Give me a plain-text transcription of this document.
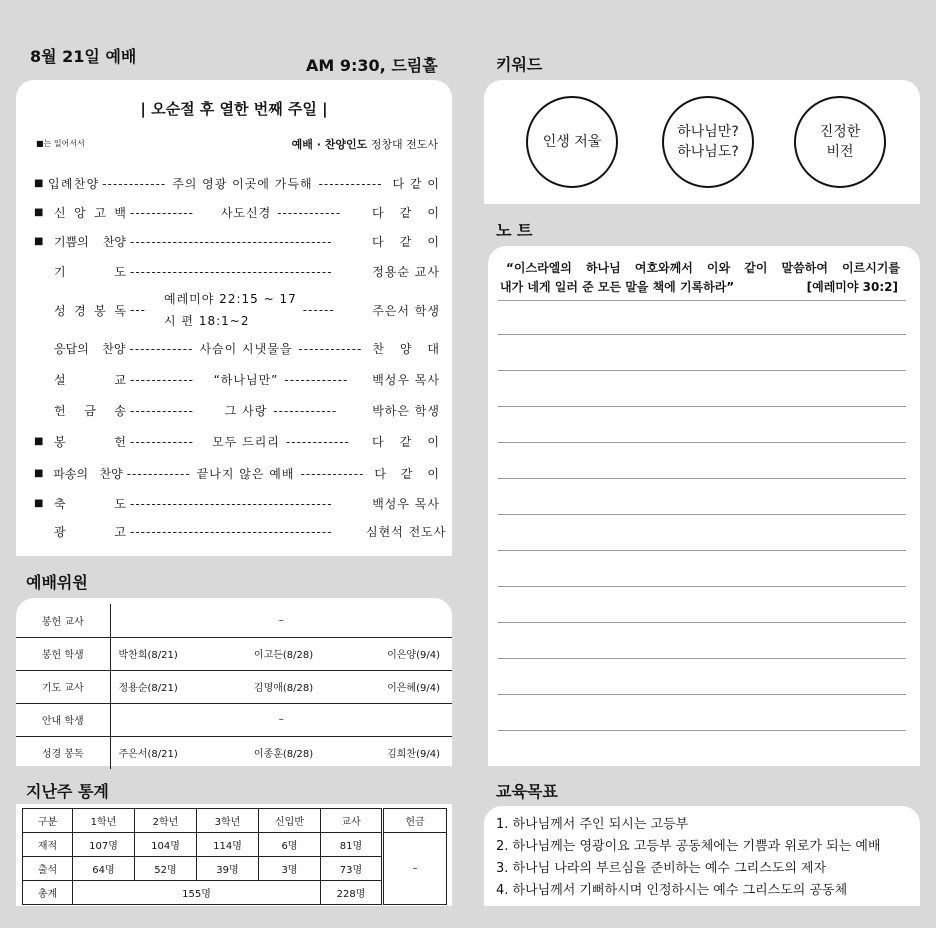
8월 21일 예배	AM 9:30, 드림홀
| 오순절 후 열한 번째 주일 |
■는 일어서서	예배 · 찬양인도 정창대 전도사
■ 입 례 찬 양 ------------ 주의 영광 이곳에 가득해 ------------ 다 같 이
■ 신 앙 고 백 ------------	사도신경 ------------	다 같 이
■ 기쁨의 찬양 --------------------------------------	다 같 이
기	도 --------------------------------------	정용순 교사
성 경 봉 독 ---
예레미야 22:15 ~ 17
시 편 18:1~2
------	주은서 학생
응답의 찬양 ------------ 사슴이 시냇물을 ------------ 찬 양 대
설	교 ------------	“하나님만” ------------	백성우 목사
헌 금 송 ------------	그 사랑 ------------	박하은 학생
■ 봉	헌 ------------	모두 드리리 ------------	다 같 이
■ 파송의 찬양 ------------ 끝나지 않은 예배 ------------ 다 같 이
■ 축	도 --------------------------------------	백성우 목사
광	고 --------------------------------------	심현석 전도사
예배위원
봉헌 교사	–		
봉헌 학생	박찬희(8/21)	이고든(8/28)	이은양(9/4)
기도 교사	정용순(8/21)	김명애(8/28)	이은혜(9/4)
안내 학생	–		
성경 봉독	주은서(8/21)	이종훈(8/28)	김희찬(9/4)
지난주 통계
구분	1학년	2학년	3학년	신입반	교사	헌금
재적	107명	104명	114명	6명	81명	–
출석	64명	52명	39명	3명	73명	
총계	155명				228명	
키워드
인생 저울
하나님만?
하나님도?
진정한
비전
노 트
“이스라엘의 하나님 여호와께서 이와 같이 말씀하여 이르시기를
내가 네게 일러 준 모든 말을 책에 기록하라”	[예레미야 30:2]
교육목표
1. 하나님께서 주인 되시는 고등부
2. 하나님께는 영광이요 고등부 공동체에는 기쁨과 위로가 되는 예배
3. 하나님 나라의 부르심을 준비하는 예수 그리스도의 제자
4. 하나님께서 기뻐하시며 인정하시는 예수 그리스도의 공동체
